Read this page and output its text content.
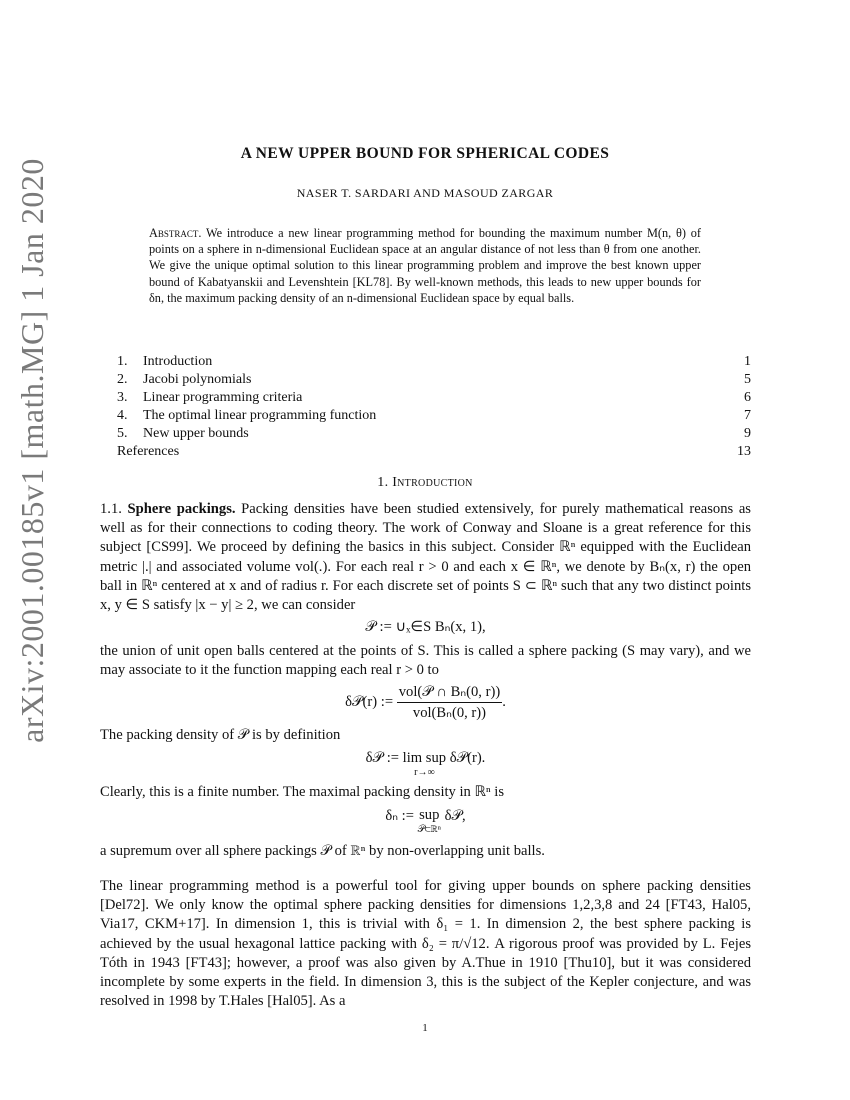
arXiv:2001.00185v1 [math.MG] 1 Jan 2020
A NEW UPPER BOUND FOR SPHERICAL CODES
NASER T. SARDARI AND MASOUD ZARGAR
Abstract. We introduce a new linear programming method for bounding the maximum number M(n, θ) of points on a sphere in n-dimensional Euclidean space at an angular distance of not less than θ from one another. We give the unique optimal solution to this linear programming problem and improve the best known upper bound of Kabatyanskii and Levenshtein [KL78]. By well-known methods, this leads to new upper bounds for δn, the maximum packing density of an n-dimensional Euclidean space by equal balls.
1. Introduction	1
2. Jacobi polynomials	5
3. Linear programming criteria	6
4. The optimal linear programming function	7
5. New upper bounds	9
References	13
1. Introduction
1.1. Sphere packings. Packing densities have been studied extensively, for purely mathematical reasons as well as for their connections to coding theory. The work of Conway and Sloane is a great reference for this subject [CS99]. We proceed by defining the basics in this subject. Consider ℝⁿ equipped with the Euclidean metric |.| and associated volume vol(.). For each real r > 0 and each x ∈ ℝⁿ, we denote by Bₙ(x, r) the open ball in ℝⁿ centered at x and of radius r. For each discrete set of points S ⊂ ℝⁿ such that any two distinct points x, y ∈ S satisfy |x − y| ≥ 2, we can consider
𝒫 := ∪ₓ∈S Bₙ(x, 1),
the union of unit open balls centered at the points of S. This is called a sphere packing (S may vary), and we may associate to it the function mapping each real r > 0 to
δ𝒫(r) := $\frac{\text{vol(𝒫 ∩ Bₙ(0, r))}}{\text{vol(Bₙ(0, r))}}$ .
The packing density of 𝒫 is by definition
δ𝒫 := lim sup
r→∞
δ𝒫(r).
Clearly, this is a finite number. The maximal packing density in ℝⁿ is
δₙ := sup
𝒫⊂ℝⁿ
δ𝒫,
a supremum over all sphere packings 𝒫 of ℝⁿ by non-overlapping unit balls.
The linear programming method is a powerful tool for giving upper bounds on sphere packing densities [Del72]. We only know the optimal sphere packing densities for dimensions 1,2,3,8 and 24 [FT43, Hal05, Via17, CKM+17]. In dimension 1, this is trivial with δ₁ = 1. In dimension 2, the best sphere packing is achieved by the usual hexagonal lattice packing with δ₂ = π/√12. A rigorous proof was provided by L. Fejes Tóth in 1943 [FT43]; however, a proof was also given by A.Thue in 1910 [Thu10], but it was considered incomplete by some experts in the field. In dimension 3, this is the subject of the Kepler conjecture, and was resolved in 1998 by T.Hales [Hal05]. As a
1
